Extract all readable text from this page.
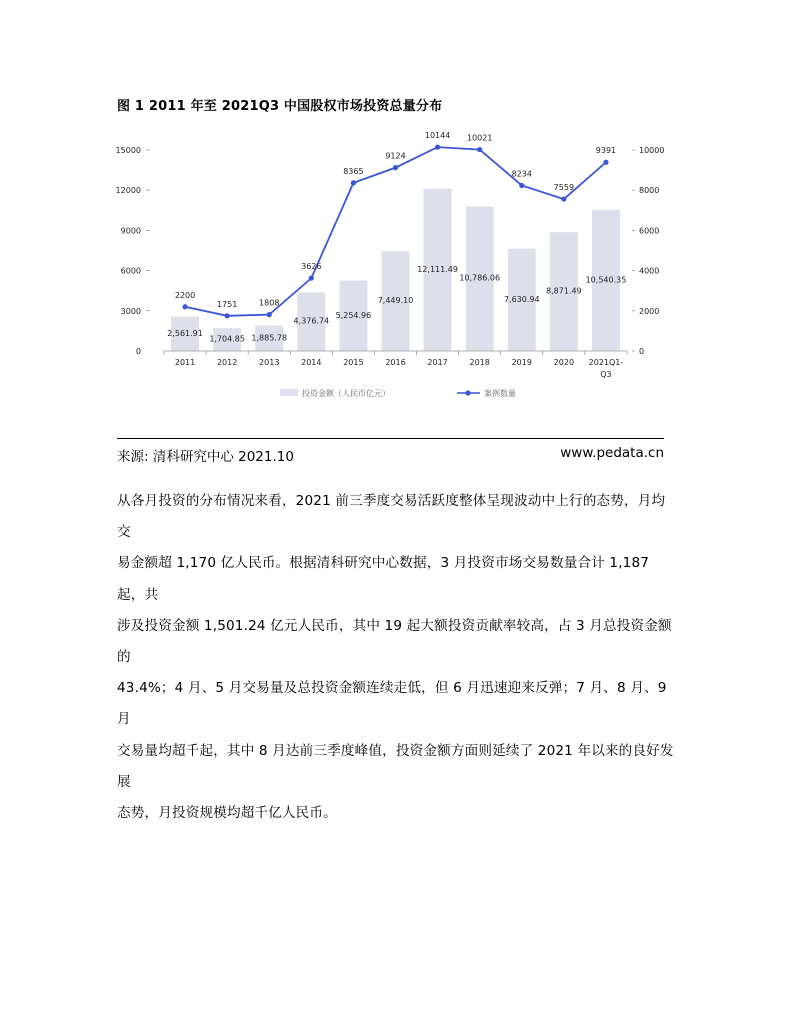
图 1 2011 年至 2021Q3 中国股权市场投资总量分布
0
3000
6000
9000
12000
15000
0
2000
4000
6000
8000
10000
2,561.91
1,704.85 1,885.78
4,376.74
5,254.96
7,449.10
12,111.49
10,786.06
7,630.94
8,871.49
10,540.35
2200
1751	1808
3626
8365
9124
10144 10021
8234
7559
9391
2011	2012	2013	2014	2015	2016	2017	2018	2019	2020 2021Q1-
Q3
投资金额（人民币亿元）	案例数量
来源: 清科研究中心 2021.10	www.pedata.cn

从各月投资的分布情况来看，2021 前三季度交易活跃度整体呈现波动中上行的态势，月均交

易金额超 1,170 亿人民币。根据清科研究中心数据，3 月投资市场交易数量合计 1,187 起，共

涉及投资金额 1,501.24 亿元人民币，其中 19 起大额投资贡献率较高，占 3 月总投资金额的

43.4%；4 月、5 月交易量及总投资金额连续走低，但 6 月迅速迎来反弹；7 月、8 月、9 月

交易量均超千起，其中 8 月达前三季度峰值，投资金额方面则延续了 2021 年以来的良好发展

态势，月投资规模均超千亿人民币。
